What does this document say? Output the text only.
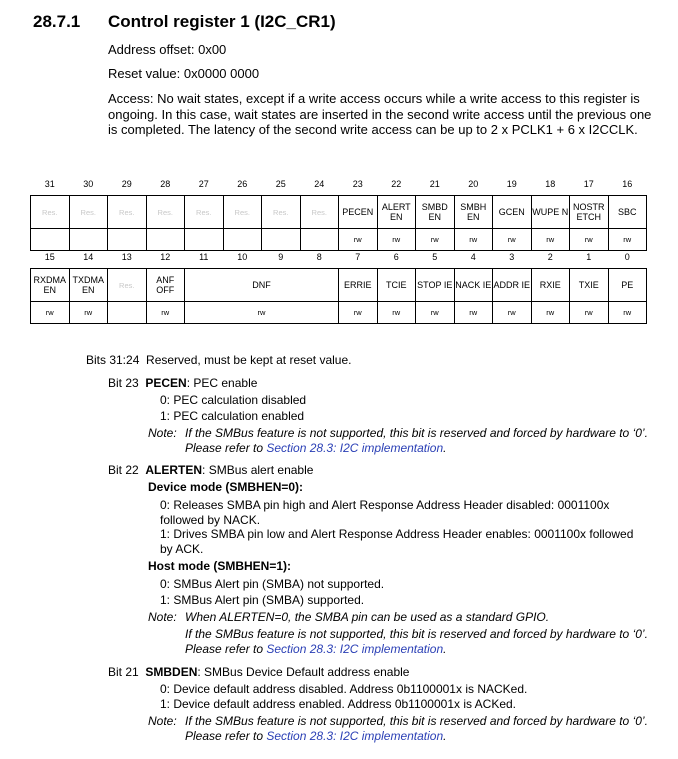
28.7.1 Control register 1 (I2C_CR1)
Address offset: 0x00
Reset value: 0x0000 0000
Access: No wait states, except if a write access occurs while a write access to this register is ongoing. In this case, wait states are inserted in the second write access until the previous one is completed. The latency of the second write access can be up to 2 x PCLK1 + 6 x I2CCLK.
31	30	29	28	27	26	25	24	23	22	21	20	19	18	17	16
Res.	Res.	Res.	Res.	Res.	Res.	Res.	Res.	PECEN	ALERT EN	SMBD EN	SMBH EN	GCEN	WUPE N	NOSTR ETCH	SBC
								rw	rw	rw	rw	rw	rw	rw	rw
15	14	13	12	11	10	9	8	7	6	5	4	3	2	1	0
RXDMA EN	TXDMA EN	Res.	ANF OFF	DNF				ERRIE	TCIE	STOP IE	NACK IE	ADDR IE	RXIE	TXIE	PE
rw	rw		rw	rw				rw	rw	rw	rw	rw	rw	rw	rw
Bits 31:24 Reserved, must be kept at reset value.
Bit 23 PECEN: PEC enable
0: PEC calculation disabled
1: PEC calculation enabled
Note: If the SMBus feature is not supported, this bit is reserved and forced by hardware to ‘0’.
Please refer to Section 28.3: I2C implementation.
Bit 22 ALERTEN: SMBus alert enable
Device mode (SMBHEN=0):
0: Releases SMBA pin high and Alert Response Address Header disabled: 0001100x
followed by NACK.
1: Drives SMBA pin low and Alert Response Address Header enables: 0001100x followed
by ACK.
Host mode (SMBHEN=1):
0: SMBus Alert pin (SMBA) not supported.
1: SMBus Alert pin (SMBA) supported.
Note: When ALERTEN=0, the SMBA pin can be used as a standard GPIO.
If the SMBus feature is not supported, this bit is reserved and forced by hardware to ‘0’.
Please refer to Section 28.3: I2C implementation.
Bit 21 SMBDEN: SMBus Device Default address enable
0: Device default address disabled. Address 0b1100001x is NACKed.
1: Device default address enabled. Address 0b1100001x is ACKed.
Note: If the SMBus feature is not supported, this bit is reserved and forced by hardware to ‘0’.
Please refer to Section 28.3: I2C implementation.
